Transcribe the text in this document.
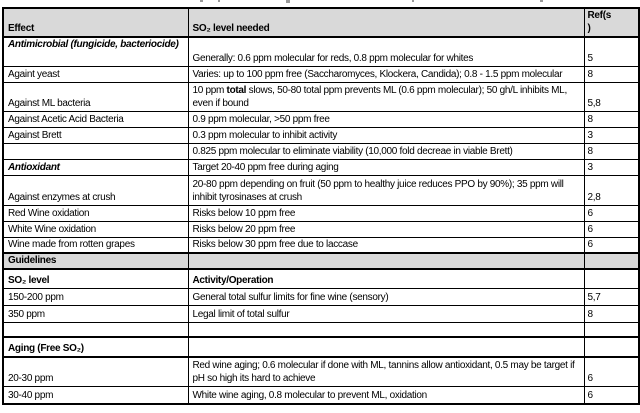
Effect	SO₂ level needed	Ref(s
)

Antimicrobial (fungicide, bacteriocide)	Generally: 0.6 ppm molecular for reds, 0.8 ppm molecular for whites	5
Againt yeast	Varies: up to 100 ppm free (Saccharomyces, Klockera, Candida); 0.8 - 1.5 ppm molecular	8
Against ML bacteria	10 ppm total slows, 50-80 total ppm prevents ML (0.6 ppm molecular); 50 gh/L inhibits ML, even if bound	5,8
Against Acetic Acid Bacteria	0.9 ppm molecular, >50 ppm free	8
Against Brett	0.3 ppm molecular to inhibit activity	3
	0.825 ppm molecular to eliminate viability (10,000 fold decreae in viable Brett)	8
Antioxidant	Target 20-40 ppm free during aging	3
Against enzymes at crush	20-80 ppm depending on fruit (50 ppm to healthy juice reduces PPO by 90%); 35 ppm will inhibit tyrosinases at crush	2,8
Red Wine oxidation	Risks below 10 ppm free	6
White Wine oxidation	Risks below 20 ppm free	6
Wine made from rotten grapes	Risks below 30 ppm free due to laccase	6
Guidelines		
SO₂ level	Activity/Operation	
150-200 ppm	General total sulfur limits for fine wine (sensory)	5,7
350 ppm	Legal limit of total sulfur	8

Aging (Free SO₂)		
20-30 ppm	Red wine aging; 0.6 molecular if done with ML, tannins allow antioxidant, 0.5 may be target if pH so high its hard to achieve	6
30-40 ppm	White wine aging, 0.8 molecular to prevent ML, oxidation	6
